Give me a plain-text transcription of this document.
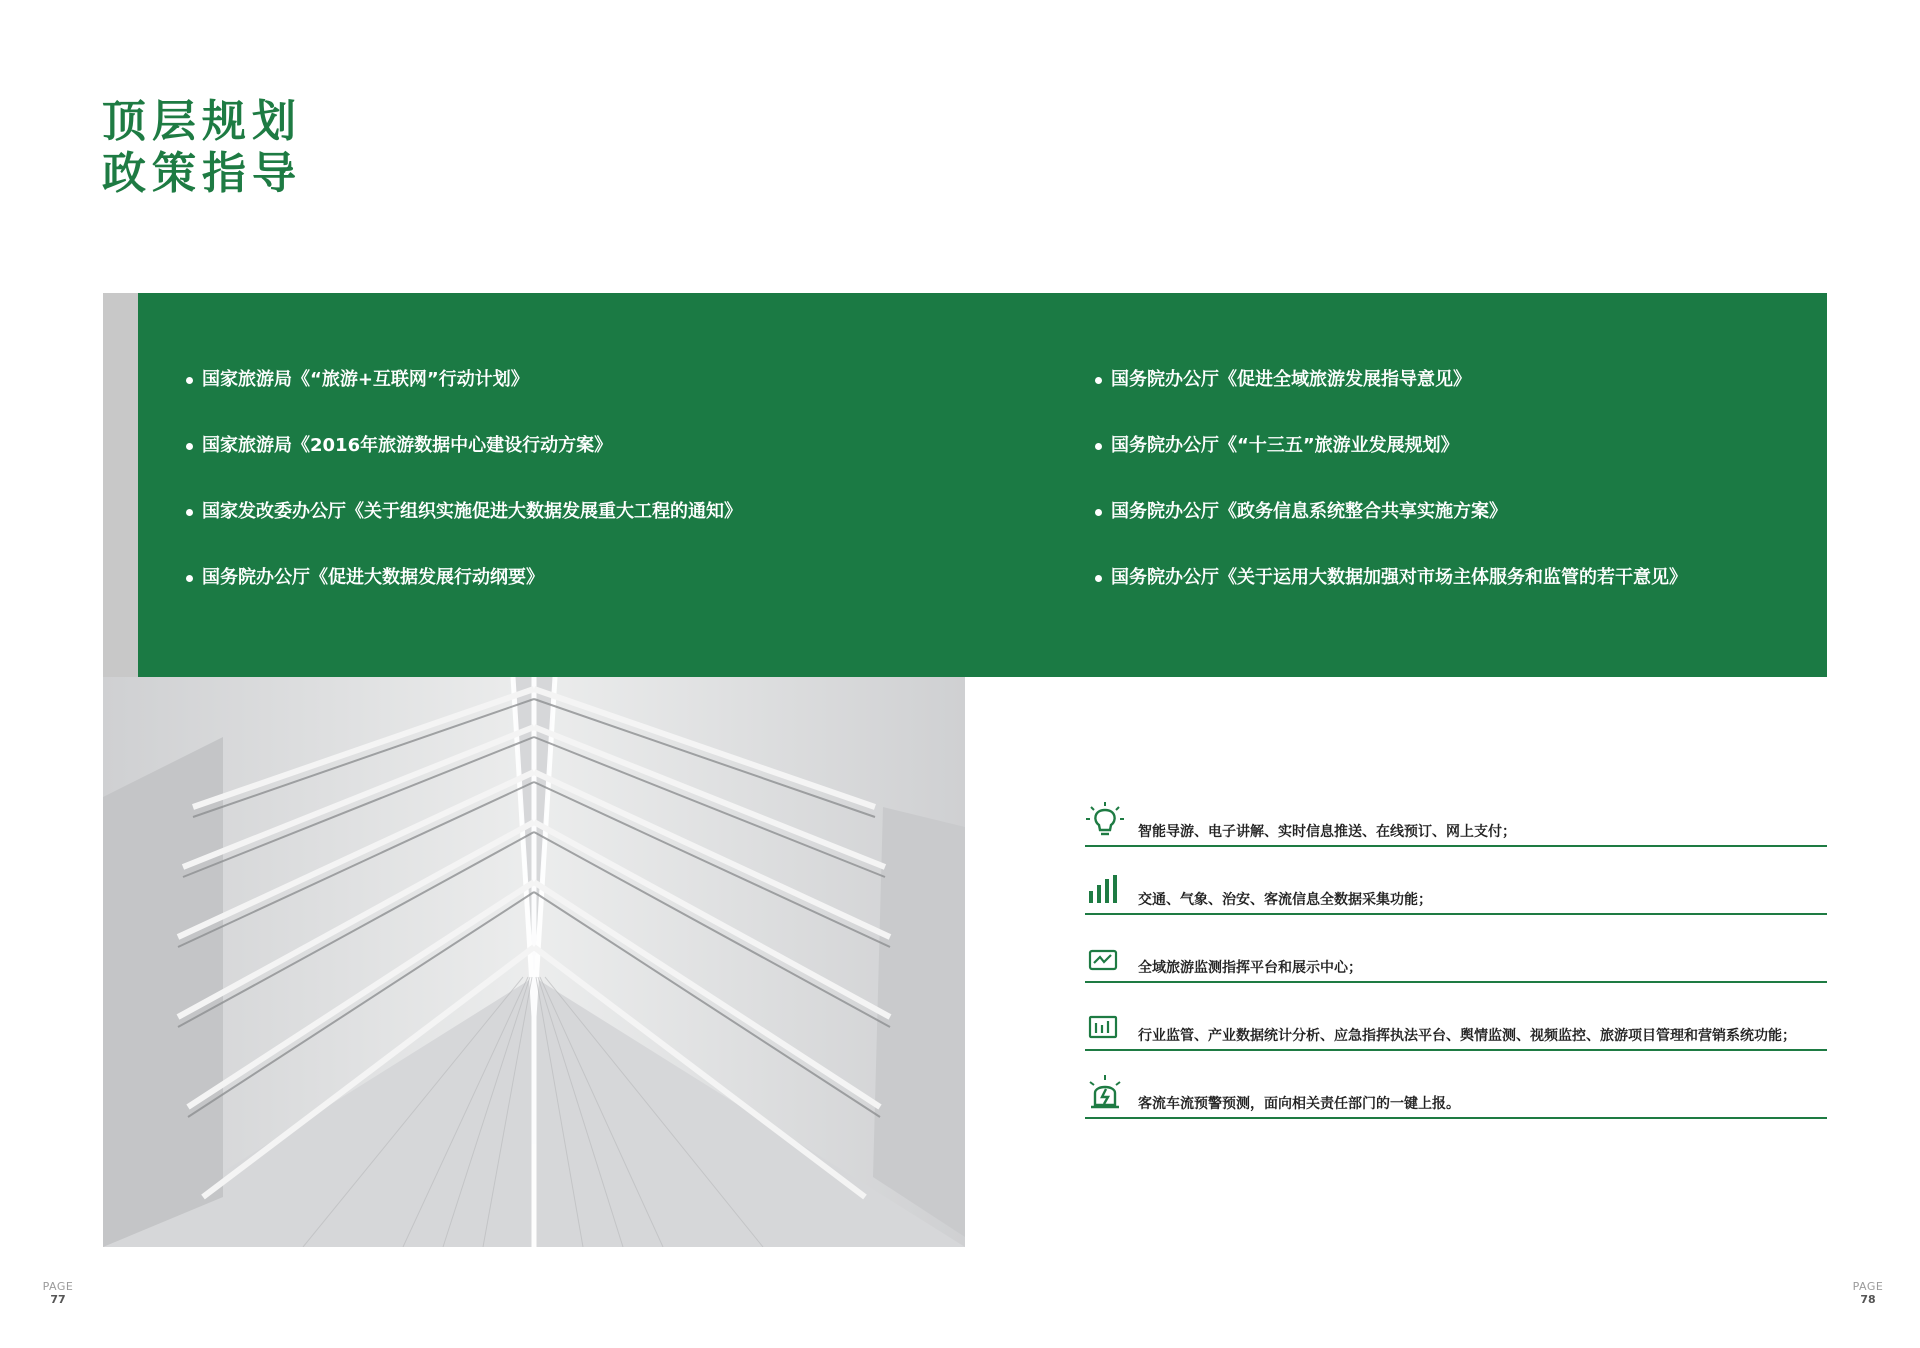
顶层规划
政策指导
国家旅游局《“旅游+互联网”行动计划》
国家旅游局《2016年旅游数据中心建设行动方案》
国家发改委办公厅《关于组织实施促进大数据发展重大工程的通知》
国务院办公厅《促进大数据发展行动纲要》
国务院办公厅《促进全域旅游发展指导意见》
国务院办公厅《“十三五”旅游业发展规划》
国务院办公厅《政务信息系统整合共享实施方案》
国务院办公厅《关于运用大数据加强对市场主体服务和监管的若干意见》
智能导游、电子讲解、实时信息推送、在线预订、网上支付；
交通、气象、治安、客流信息全数据采集功能；
全域旅游监测指挥平台和展示中心；
行业监管、产业数据统计分析、应急指挥执法平台、舆情监测、视频监控、旅游项目管理和营销系统功能；
客流车流预警预测，面向相关责任部门的一键上报。
PAGE
77
PAGE
78
